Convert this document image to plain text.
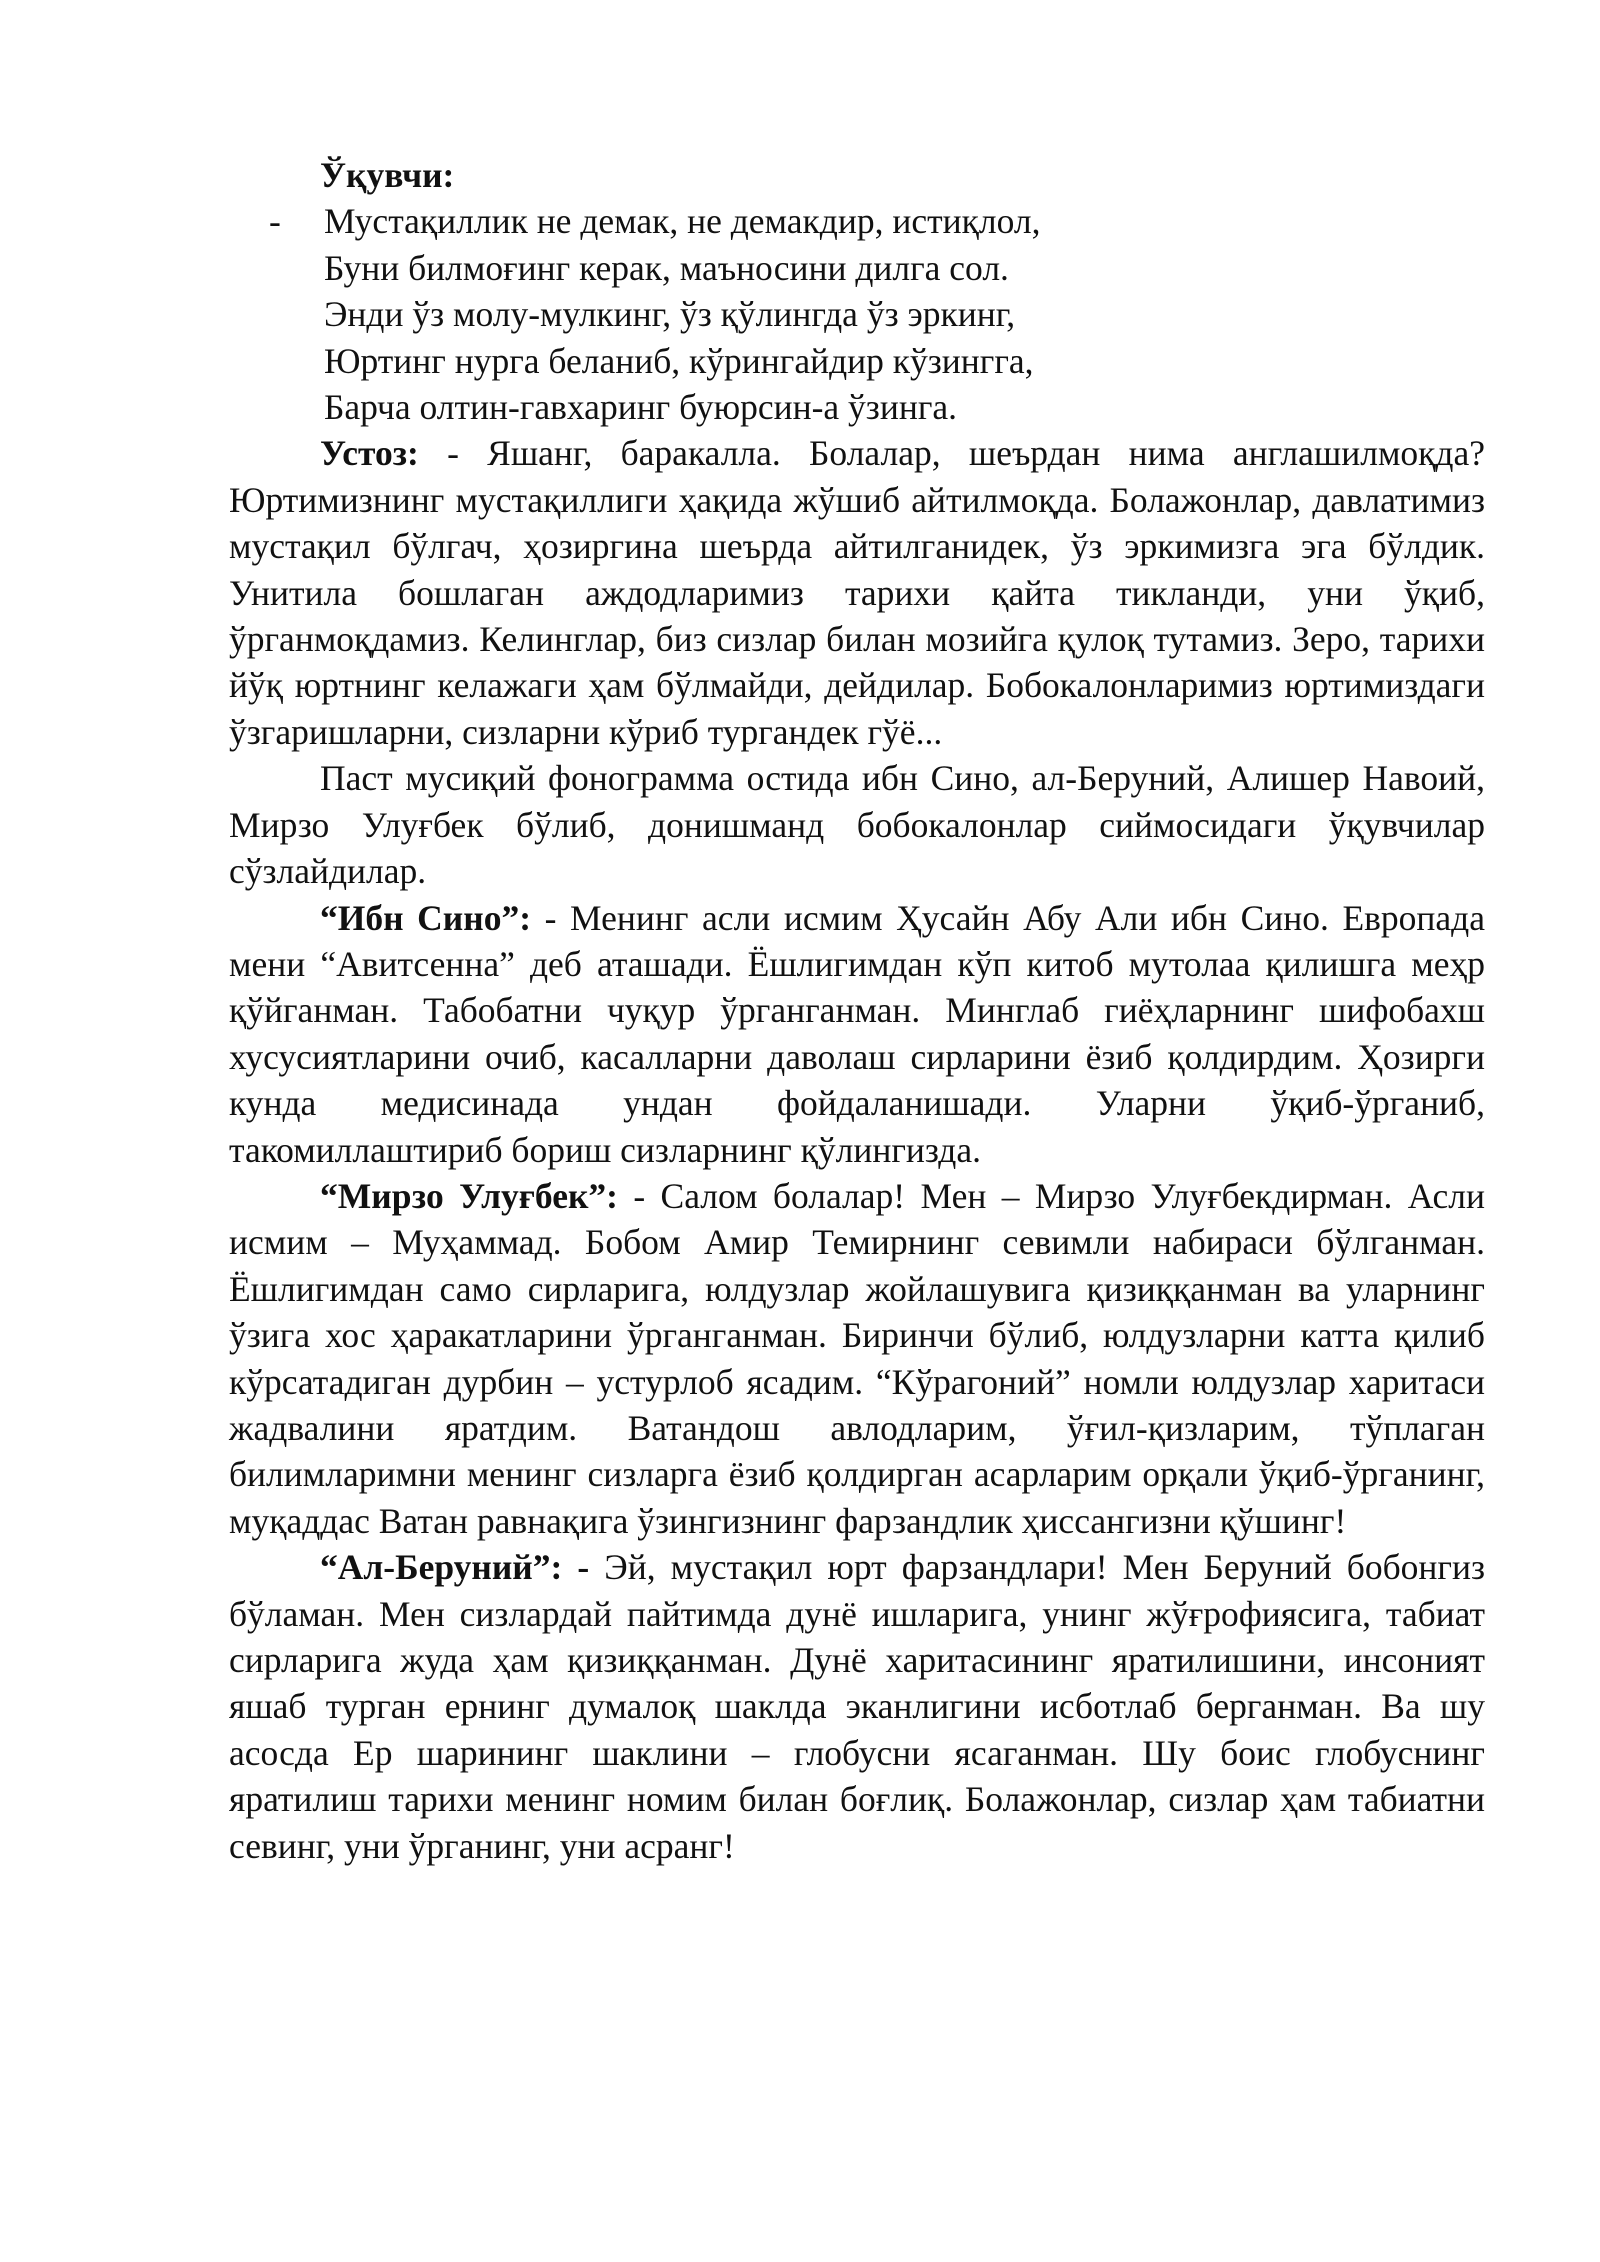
Ўқувчи:
-	Мустақиллик не демак, не демакдир, истиқлол,
Буни билмоғинг керак, маъносини дилга сол.
Энди ўз молу-мулкинг, ўз қўлингда ўз эркинг,
Юртинг нурга беланиб, кўрингайдир кўзингга,
Барча олтин-гавхаринг буюрсин-а ўзинга.

Устоз: - Яшанг, баракалла. Болалар, шеърдан нима англашилмоқда? Юртимизнинг мустақиллиги ҳақида жўшиб айтилмоқда. Болажонлар, давлатимиз мустақил бўлгач, ҳозиргина шеърда айтилганидек, ўз эркимизга эга бўлдик. Унитила бошлаган аждодларимиз тарихи қайта тикланди, уни ўқиб, ўрганмоқдамиз. Келинглар, биз сизлар билан мозийга қулоқ тутамиз. Зеро, тарихи йўқ юртнинг келажаги ҳам бўлмайди, дейдилар. Бобокалонларимиз юртимиздаги ўзгаришларни, сизларни кўриб тургандек гўё...

Паст мусиқий фонограмма остида ибн Сино, ал-Беруний, Алишер Навоий, Мирзо Улуғбек бўлиб, донишманд бобокалонлар сиймосидаги ўқувчилар сўзлайдилар.

“Ибн Сино”: - Менинг асли исмим Ҳусайн Абу Али ибн Сино. Европада мени “Авитсенна” деб аташади. Ёшлигимдан кўп китоб мутолаа қилишга меҳр қўйганман. Табобатни чуқур ўрганганман. Минглаб гиёҳларнинг шифобахш хусусиятларини очиб, касалларни даволаш сирларини ёзиб қолдирдим. Ҳозирги кунда медисинада ундан фойдаланишади. Уларни ўқиб-ўрганиб, такомиллаштириб бориш сизларнинг қўлингизда.

“Мирзо Улуғбек”: - Салом болалар! Мен – Мирзо Улуғбекдирман. Асли исмим – Муҳаммад. Бобом Амир Темирнинг севимли набираси бўлганман. Ёшлигимдан само сирларига, юлдузлар жойлашувига қизиққанман ва уларнинг ўзига хос ҳаракатларини ўрганганман. Биринчи бўлиб, юлдузларни катта қилиб кўрсатадиган дурбин – устурлоб ясадим. “Кўрагоний” номли юлдузлар харитаси жадвалини яратдим. Ватандош авлодларим, ўғил-қизларим, тўплаган билимларимни менинг сизларга ёзиб қолдирган асарларим орқали ўқиб-ўрганинг, муқаддас Ватан равнақига ўзингизнинг фарзандлик ҳиссангизни қўшинг!

“Ал-Беруний”: - Эй, мустақил юрт фарзандлари! Мен Беруний бобонгиз бўламан. Мен сизлардай пайтимда дунё ишларига, унинг жўғрофиясига, табиат сирларига жуда ҳам қизиққанман. Дунё харитасининг яратилишини, инсоният яшаб турган ернинг думалоқ шаклда эканлигини исботлаб берганман. Ва шу асосда Ер шарининг шаклини – глобусни ясаганман. Шу боис глобуснинг яратилиш тарихи менинг номим билан боғлиқ. Болажонлар, сизлар ҳам табиатни севинг, уни ўрганинг, уни асранг!
